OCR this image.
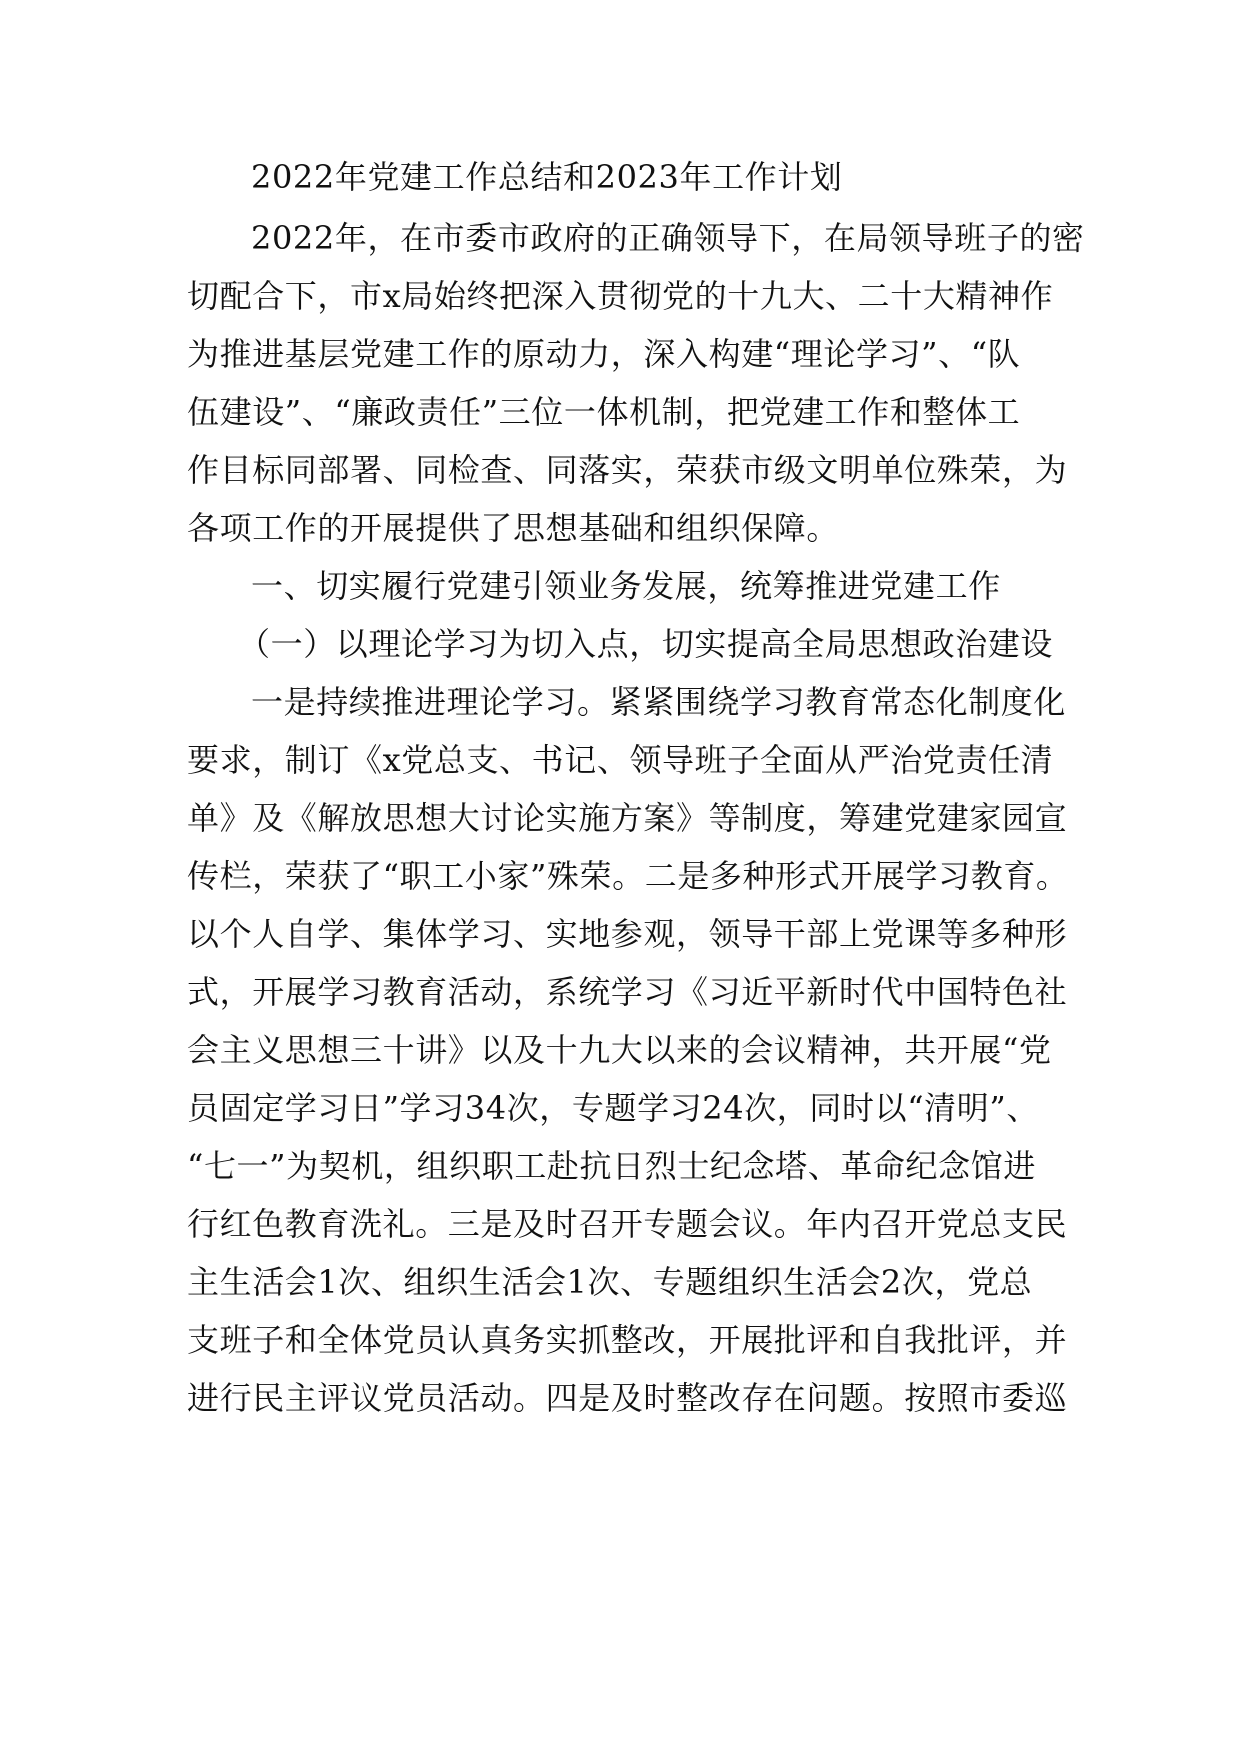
2022年党建工作总结和2023年工作计划
2022年，在市委市政府的正确领导下，在局领导班子的密
切配合下，市x局始终把深入贯彻党的十九大、二十大精神作
为推进基层党建工作的原动力，深入构建“理论学习”、“队
伍建设”、“廉政责任”三位一体机制，把党建工作和整体工
作目标同部署、同检查、同落实，荣获市级文明单位殊荣，为
各项工作的开展提供了思想基础和组织保障。
一、切实履行党建引领业务发展，统筹推进党建工作
（一）以理论学习为切入点，切实提高全局思想政治建设
一是持续推进理论学习。紧紧围绕学习教育常态化制度化
要求，制订《x党总支、书记、领导班子全面从严治党责任清
单》及《解放思想大讨论实施方案》等制度，筹建党建家园宣
传栏，荣获了“职工小家”殊荣。二是多种形式开展学习教育。
以个人自学、集体学习、实地参观，领导干部上党课等多种形
式，开展学习教育活动，系统学习《习近平新时代中国特色社
会主义思想三十讲》以及十九大以来的会议精神，共开展“党
员固定学习日”学习34次，专题学习24次，同时以“清明”、
“七一”为契机，组织职工赴抗日烈士纪念塔、革命纪念馆进
行红色教育洗礼。三是及时召开专题会议。年内召开党总支民
主生活会1次、组织生活会1次、专题组织生活会2次，党总
支班子和全体党员认真务实抓整改，开展批评和自我批评，并
进行民主评议党员活动。四是及时整改存在问题。按照市委巡
